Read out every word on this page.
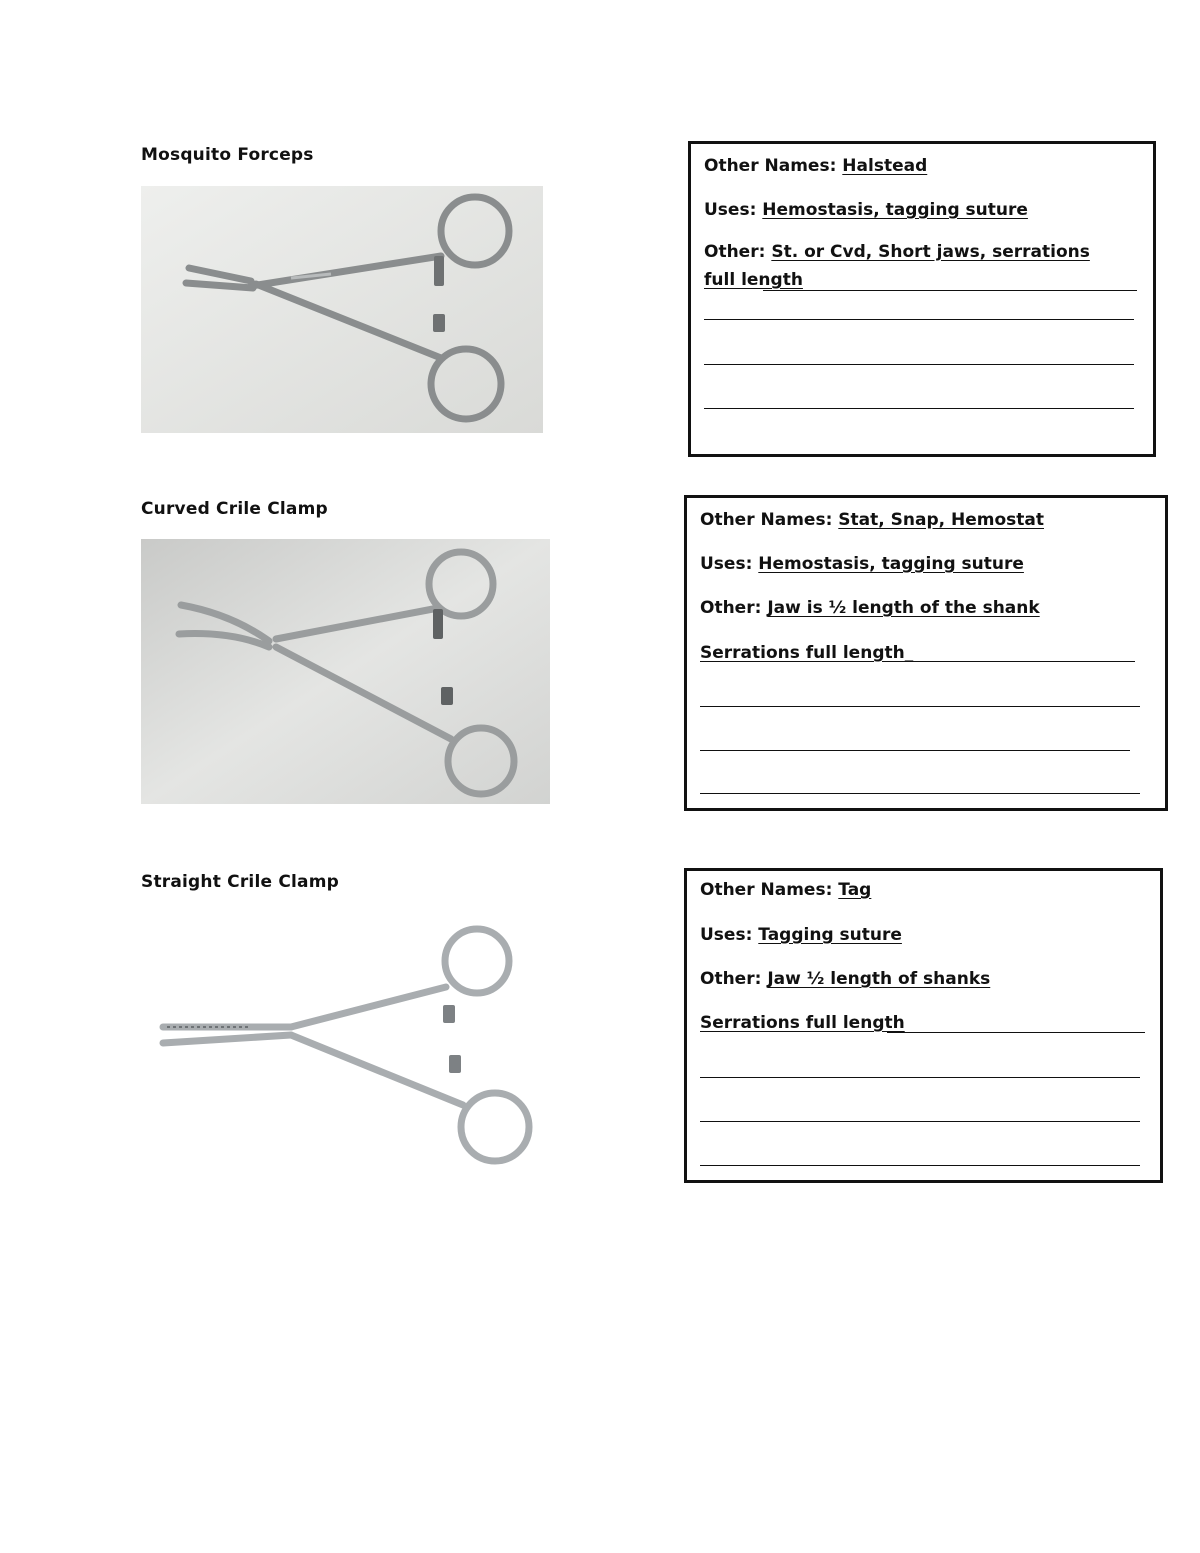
Mosquito Forceps
Other Names: Halstead
Uses: Hemostasis, tagging suture
Other: St. or Cvd, Short jaws, serrations full length
Curved Crile Clamp
Other Names: Stat, Snap, Hemostat
Uses: Hemostasis, tagging suture
Other: Jaw is ½ length of the shank
Serrations full length_
Straight Crile Clamp	Other Names: Tag
Uses: Tagging suture
Other: Jaw ½ length of shanks
Serrations full length
